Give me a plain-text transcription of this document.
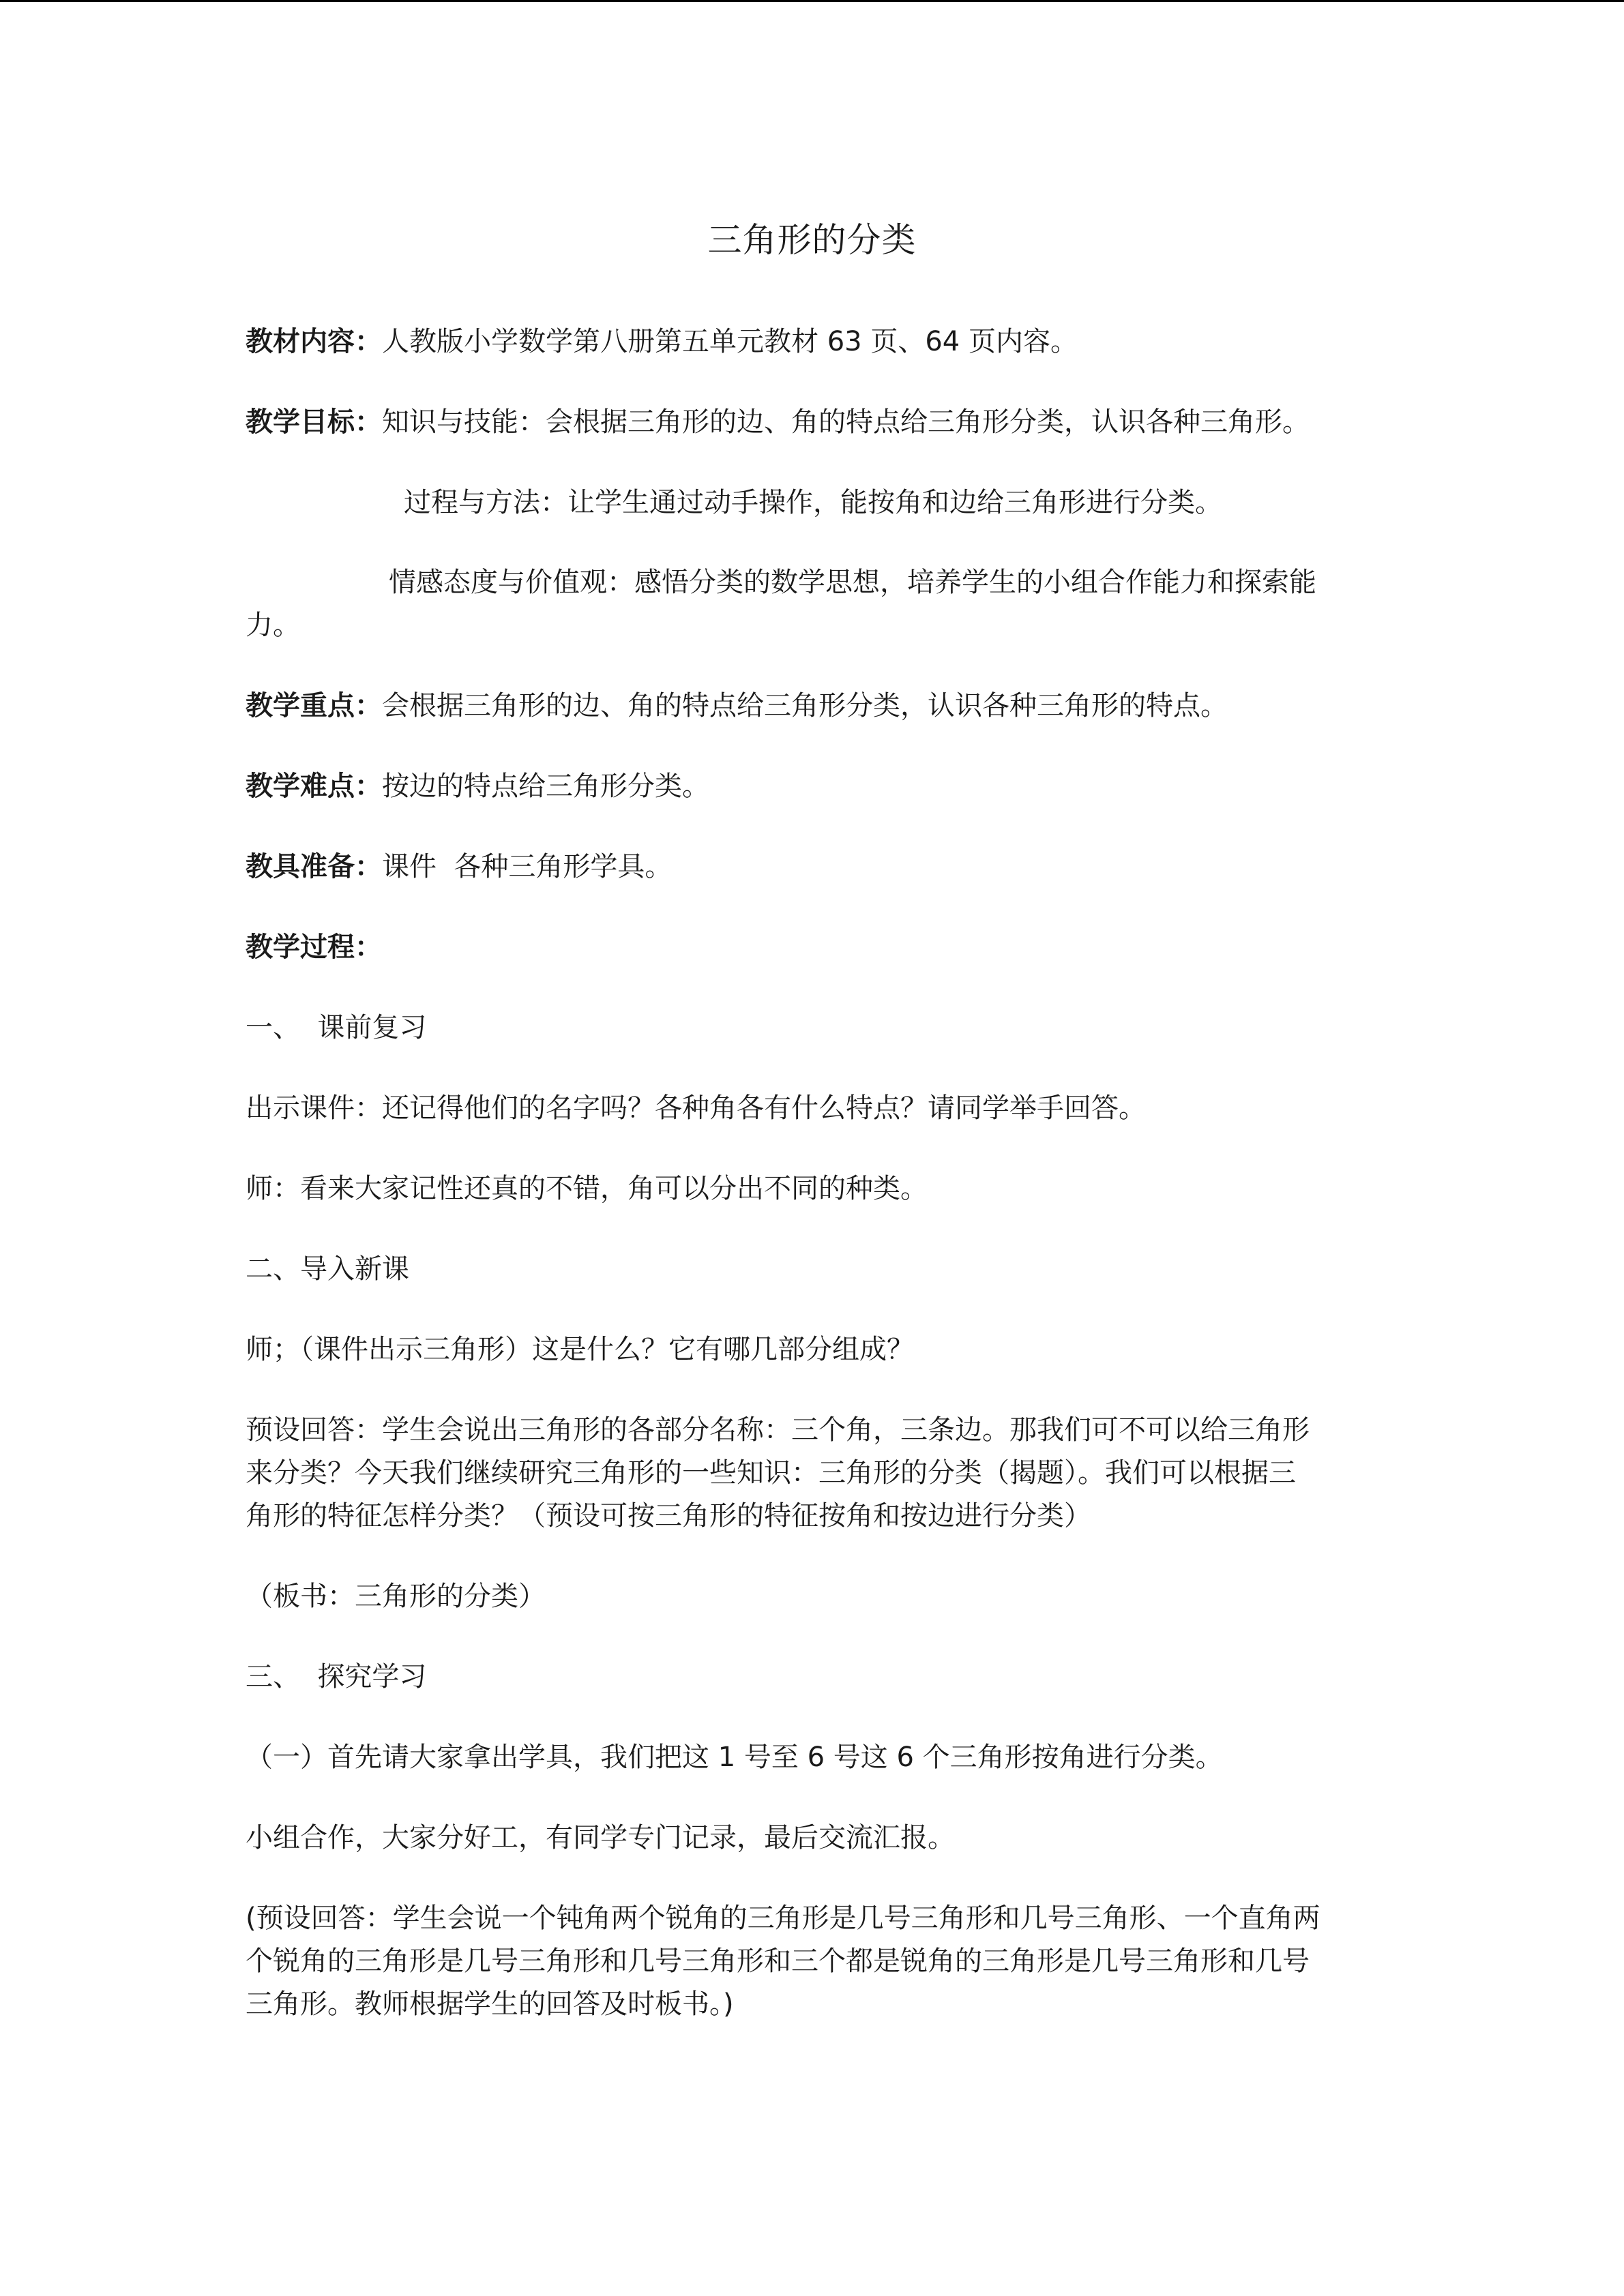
三角形的分类
教材内容：人教版小学数学第八册第五单元教材 63 页、64 页内容。
教学目标：知识与技能：会根据三角形的边、角的特点给三角形分类，认识各种三角形。
过程与方法：让学生通过动手操作，能按角和边给三角形进行分类。
情感态度与价值观：感悟分类的数学思想，培养学生的小组合作能力和探索能
力。
教学重点：会根据三角形的边、角的特点给三角形分类，认识各种三角形的特点。
教学难点：按边的特点给三角形分类。
教具准备：课件  各种三角形学具。
教学过程：
一、  课前复习
出示课件：还记得他们的名字吗？各种角各有什么特点？请同学举手回答。
师：看来大家记性还真的不错，角可以分出不同的种类。
二、导入新课
师；（课件出示三角形）这是什么？它有哪几部分组成？
预设回答：学生会说出三角形的各部分名称：三个角，三条边。那我们可不可以给三角形
来分类？今天我们继续研究三角形的一些知识：三角形的分类（揭题）。我们可以根据三
角形的特征怎样分类？（预设可按三角形的特征按角和按边进行分类）
（板书：三角形的分类）
三、  探究学习
（一）首先请大家拿出学具，我们把这 1 号至 6 号这 6 个三角形按角进行分类。
小组合作，大家分好工，有同学专门记录，最后交流汇报。
(预设回答：学生会说一个钝角两个锐角的三角形是几号三角形和几号三角形、一个直角两
个锐角的三角形是几号三角形和几号三角形和三个都是锐角的三角形是几号三角形和几号
三角形。教师根据学生的回答及时板书。)
